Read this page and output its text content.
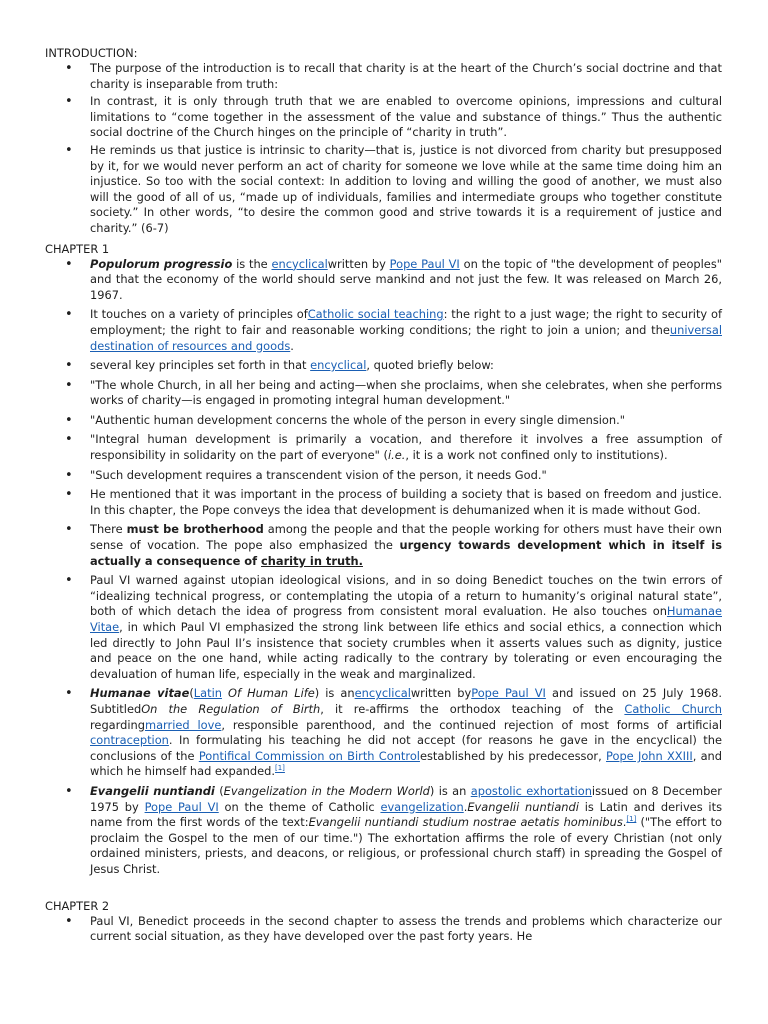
INTRODUCTION:

• The purpose of the introduction is to recall that charity is at the heart of the Church’s social doctrine and that charity is inseparable from truth:
• In contrast, it is only through truth that we are enabled to overcome opinions, impressions and cultural limitations to “come together in the assessment of the value and substance of things.” Thus the authentic social doctrine of the Church hinges on the principle of “charity in truth”.
• He reminds us that justice is intrinsic to charity—that is, justice is not divorced from charity but presupposed by it, for we would never perform an act of charity for someone we love while at the same time doing him an injustice. So too with the social context: In addition to loving and willing the good of another, we must also will the good of all of us, “made up of individuals, families and intermediate groups who together constitute society.” In other words, “to desire the common good and strive towards it is a requirement of justice and charity.” (6-7)

CHAPTER 1

• Populorum progressio is the encyclicalwritten by Pope Paul VI on the topic of "the development of peoples" and that the economy of the world should serve mankind and not just the few. It was released on March 26, 1967.
• It touches on a variety of principles ofCatholic social teaching: the right to a just wage; the right to security of employment; the right to fair and reasonable working conditions; the right to join a union; and theuniversal destination of resources and goods.
• several key principles set forth in that encyclical, quoted briefly below:
• "The whole Church, in all her being and acting—when she proclaims, when she celebrates, when she performs works of charity—is engaged in promoting integral human development."
• "Authentic human development concerns the whole of the person in every single dimension."
• "Integral human development is primarily a vocation, and therefore it involves a free assumption of responsibility in solidarity on the part of everyone" (i.e., it is a work not confined only to institutions).
• "Such development requires a transcendent vision of the person, it needs God."
• He mentioned that it was important in the process of building a society that is based on freedom and justice. In this chapter, the Pope conveys the idea that development is dehumanized when it is made without God.
• There must be brotherhood among the people and that the people working for others must have their own sense of vocation. The pope also emphasized the urgency towards development which in itself is actually a consequence of charity in truth.
• Paul VI warned against utopian ideological visions, and in so doing Benedict touches on the twin errors of “idealizing technical progress, or contemplating the utopia of a return to humanity’s original natural state”, both of which detach the idea of progress from consistent moral evaluation. He also touches onHumanae Vitae, in which Paul VI emphasized the strong link between life ethics and social ethics, a connection which led directly to John Paul II’s insistence that society crumbles when it asserts values such as dignity, justice and peace on the one hand, while acting radically to the contrary by tolerating or even encouraging the devaluation of human life, especially in the weak and marginalized.
• Humanae vitae(Latin Of Human Life) is anencyclicalwritten byPope Paul VI and issued on 25 July 1968. SubtitledOn the Regulation of Birth, it re-affirms the orthodox teaching of the Catholic Church regardingmarried love, responsible parenthood, and the continued rejection of most forms of artificial contraception. In formulating his teaching he did not accept (for reasons he gave in the encyclical) the conclusions of the Pontifical Commission on Birth Controlestablished by his predecessor, Pope John XXIII, and which he himself had expanded.[1]
• Evangelii nuntiandi (Evangelization in the Modern World) is an apostolic exhortationissued on 8 December 1975 by Pope Paul VI on the theme of Catholic evangelization.Evangelii nuntiandi is Latin and derives its name from the first words of the text:Evangelii nuntiandi studium nostrae aetatis hominibus.[1] ("The effort to proclaim the Gospel to the men of our time.") The exhortation affirms the role of every Christian (not only ordained ministers, priests, and deacons, or religious, or professional church staff) in spreading the Gospel of Jesus Christ.

CHAPTER 2

• Paul VI, Benedict proceeds in the second chapter to assess the trends and problems which characterize our current social situation, as they have developed over the past forty years. He
